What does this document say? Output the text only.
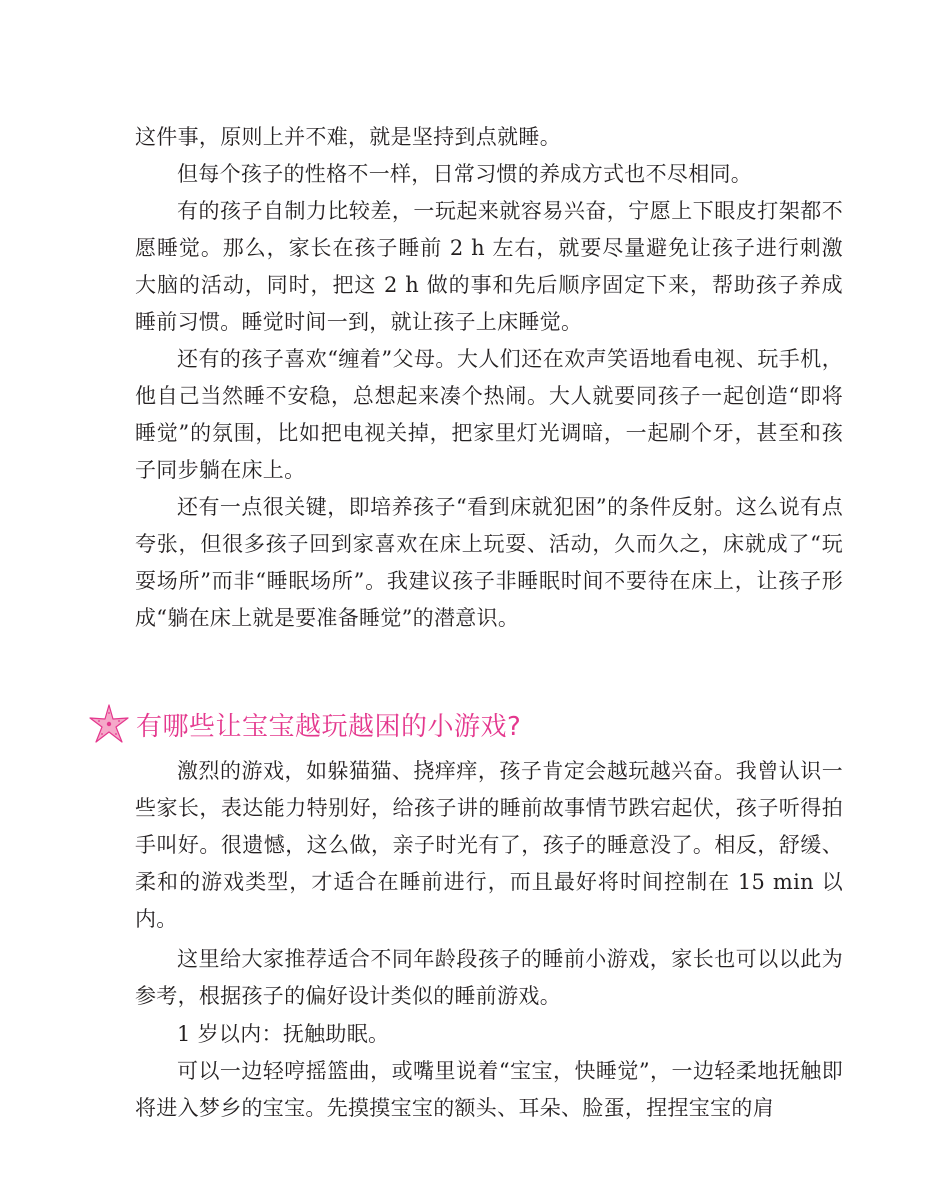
这件事，原则上并不难，就是坚持到点就睡。

但每个孩子的性格不一样，日常习惯的养成方式也不尽相同。

有的孩子自制力比较差，一玩起来就容易兴奋，宁愿上下眼皮打架都不愿睡觉。那么，家长在孩子睡前 2 h 左右，就要尽量避免让孩子进行刺激大脑的活动，同时，把这 2 h 做的事和先后顺序固定下来，帮助孩子养成睡前习惯。睡觉时间一到，就让孩子上床睡觉。

还有的孩子喜欢“缠着”父母。大人们还在欢声笑语地看电视、玩手机，他自己当然睡不安稳，总想起来凑个热闹。大人就要同孩子一起创造“即将睡觉”的氛围，比如把电视关掉，把家里灯光调暗，一起刷个牙，甚至和孩子同步躺在床上。

还有一点很关键，即培养孩子“看到床就犯困”的条件反射。这么说有点夸张，但很多孩子回到家喜欢在床上玩耍、活动，久而久之，床就成了“玩耍场所”而非“睡眠场所”。我建议孩子非睡眠时间不要待在床上，让孩子形成“躺在床上就是要准备睡觉”的潜意识。

有哪些让宝宝越玩越困的小游戏?

激烈的游戏，如躲猫猫、挠痒痒，孩子肯定会越玩越兴奋。我曾认识一些家长，表达能力特别好，给孩子讲的睡前故事情节跌宕起伏，孩子听得拍手叫好。很遗憾，这么做，亲子时光有了，孩子的睡意没了。相反，舒缓、柔和的游戏类型，才适合在睡前进行，而且最好将时间控制在 15 min 以内。

这里给大家推荐适合不同年龄段孩子的睡前小游戏，家长也可以以此为参考，根据孩子的偏好设计类似的睡前游戏。

1 岁以内：抚触助眠。

可以一边轻哼摇篮曲，或嘴里说着“宝宝，快睡觉”，一边轻柔地抚触即将进入梦乡的宝宝。先摸摸宝宝的额头、耳朵、脸蛋，捏捏宝宝的肩
